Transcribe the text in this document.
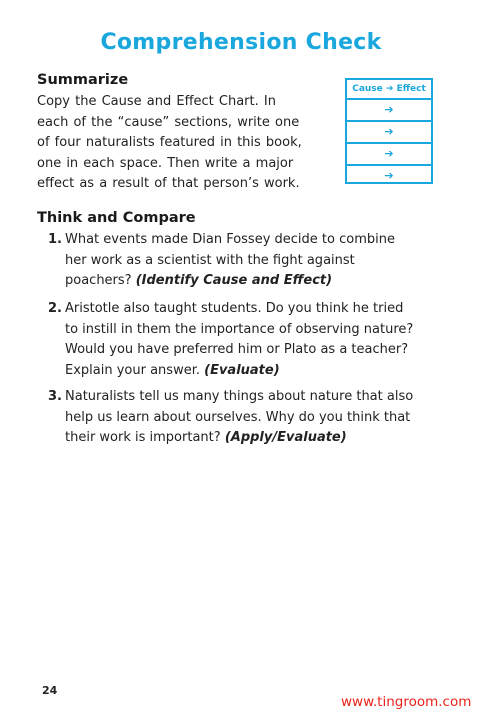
Comprehension Check
Summarize
Copy the Cause and Effect Chart. In
each of the “cause” sections, write one
of four naturalists featured in this book,
one in each space. Then write a major
effect as a result of that person’s work.
Cause ➔ Effect
➔
➔
➔
➔
Think and Compare
1. What events made Dian Fossey decide to combine
her work as a scientist with the fight against
poachers? (Identify Cause and Effect)
2. Aristotle also taught students. Do you think he tried
to instill in them the importance of observing nature?
Would you have preferred him or Plato as a teacher?
Explain your answer. (Evaluate)
3. Naturalists tell us many things about nature that also
help us learn about ourselves. Why do you think that
their work is important? (Apply/Evaluate)
24
www.tingroom.com
